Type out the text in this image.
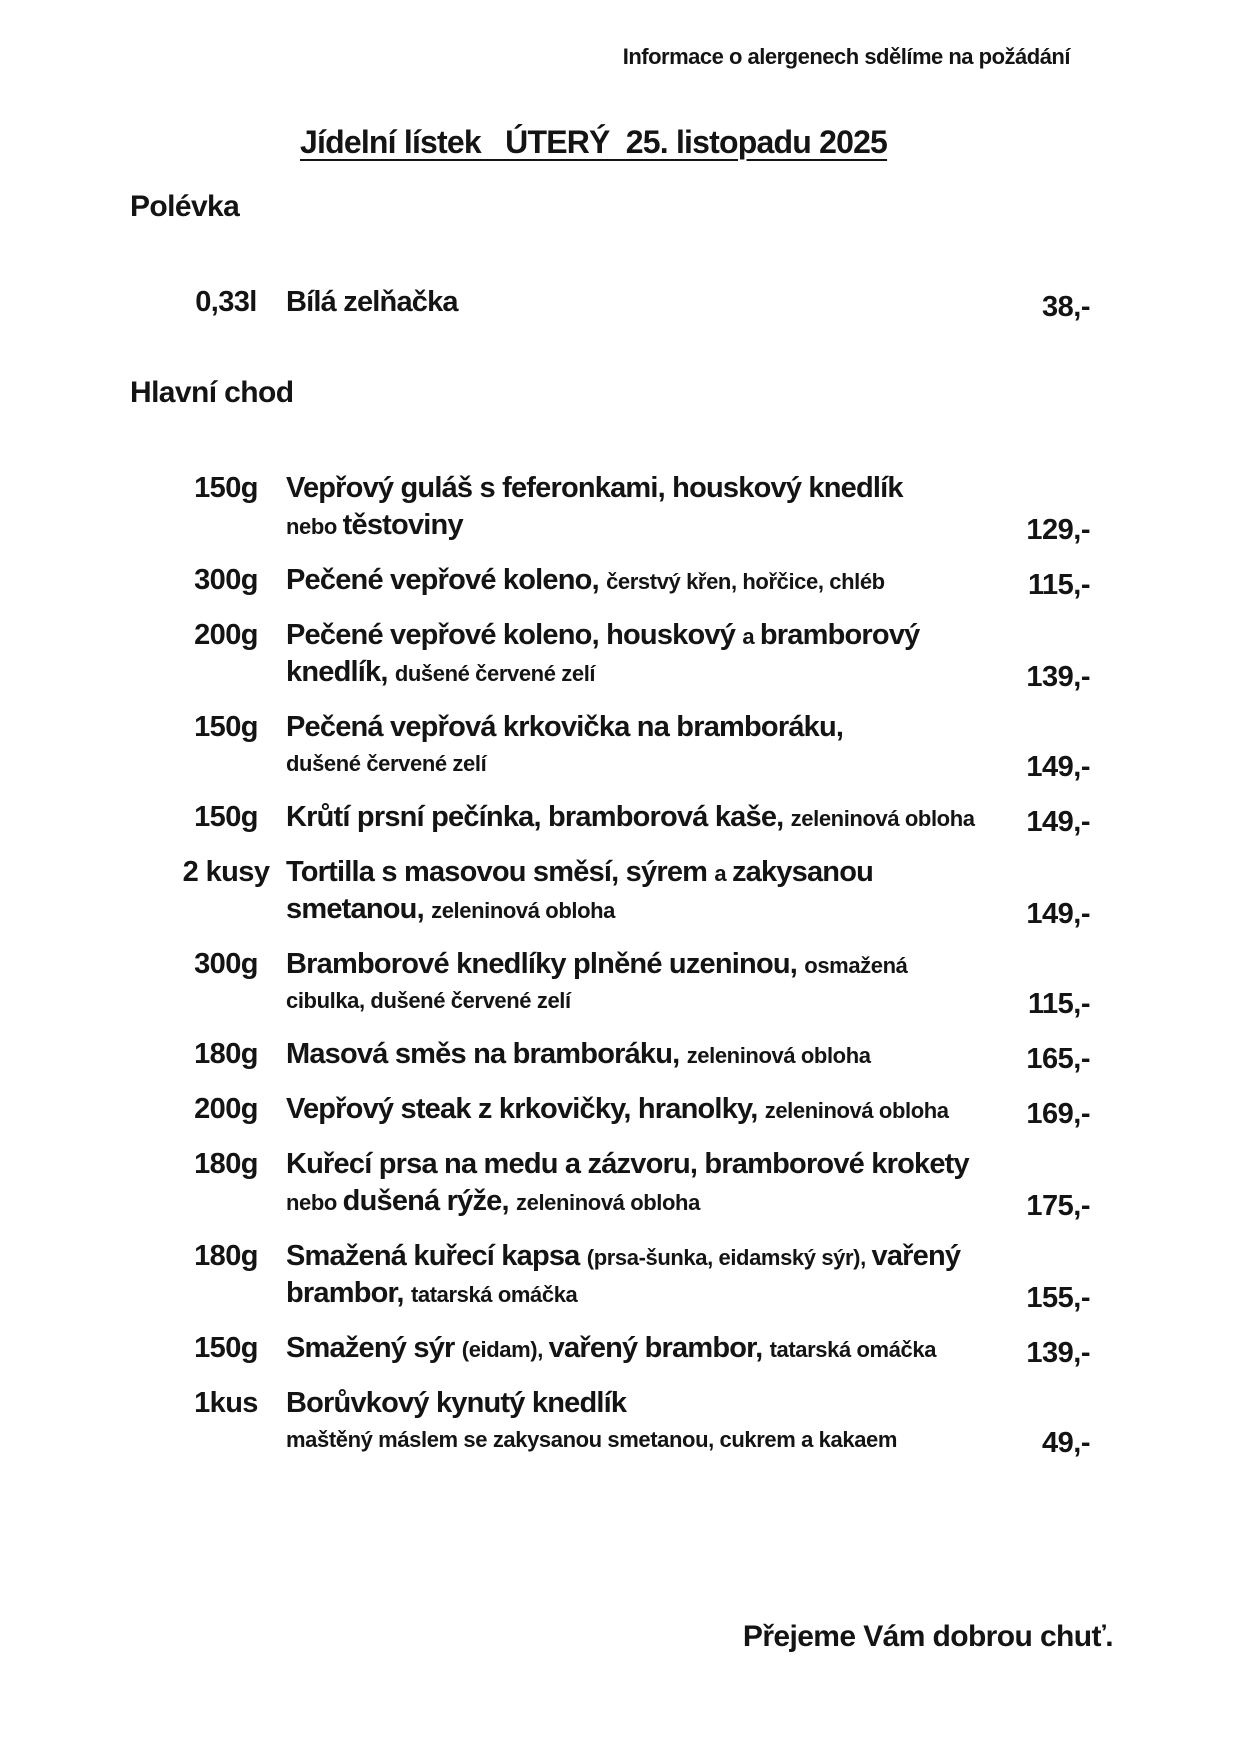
Informace o alergenech sdělíme na požádání
Jídelní lístek   ÚTERÝ  25. listopadu 2025
Polévka
0,33l	Bílá zelňačka	38,-
Hlavní chod
150g Vepřový guláš s feferonkami, houskový knedlík
nebo těstoviny	129,-
300g Pečené vepřové koleno, čerstvý křen, hořčice, chléb	115,-
200g Pečené vepřové koleno, houskový a bramborový
knedlík, dušené červené zelí	139,-
150g Pečená vepřová krkovička na bramboráku,
dušené červené zelí	149,-
150g Krůtí prsní pečínka, bramborová kaše, zeleninová obloha	149,-
2 kusy Tortilla s masovou směsí, sýrem a zakysanou
smetanou, zeleninová obloha	149,-
300g Bramborové knedlíky plněné uzeninou, osmažená
cibulka, dušené červené zelí	115,-
180g Masová směs na bramboráku, zeleninová obloha	165,-
200g Vepřový steak z krkovičky, hranolky, zeleninová obloha	169,-
180g Kuřecí prsa na medu a zázvoru, bramborové krokety
nebo dušená rýže, zeleninová obloha	175,-
180g Smažená kuřecí kapsa (prsa-šunka, eidamský sýr), vařený
brambor, tatarská omáčka	155,-
150g Smažený sýr (eidam), vařený brambor, tatarská omáčka	139,-
1kus Borůvkový kynutý knedlík
maštěný máslem se zakysanou smetanou, cukrem a kakaem	49,-
Přejeme Vám dobrou chuť.
